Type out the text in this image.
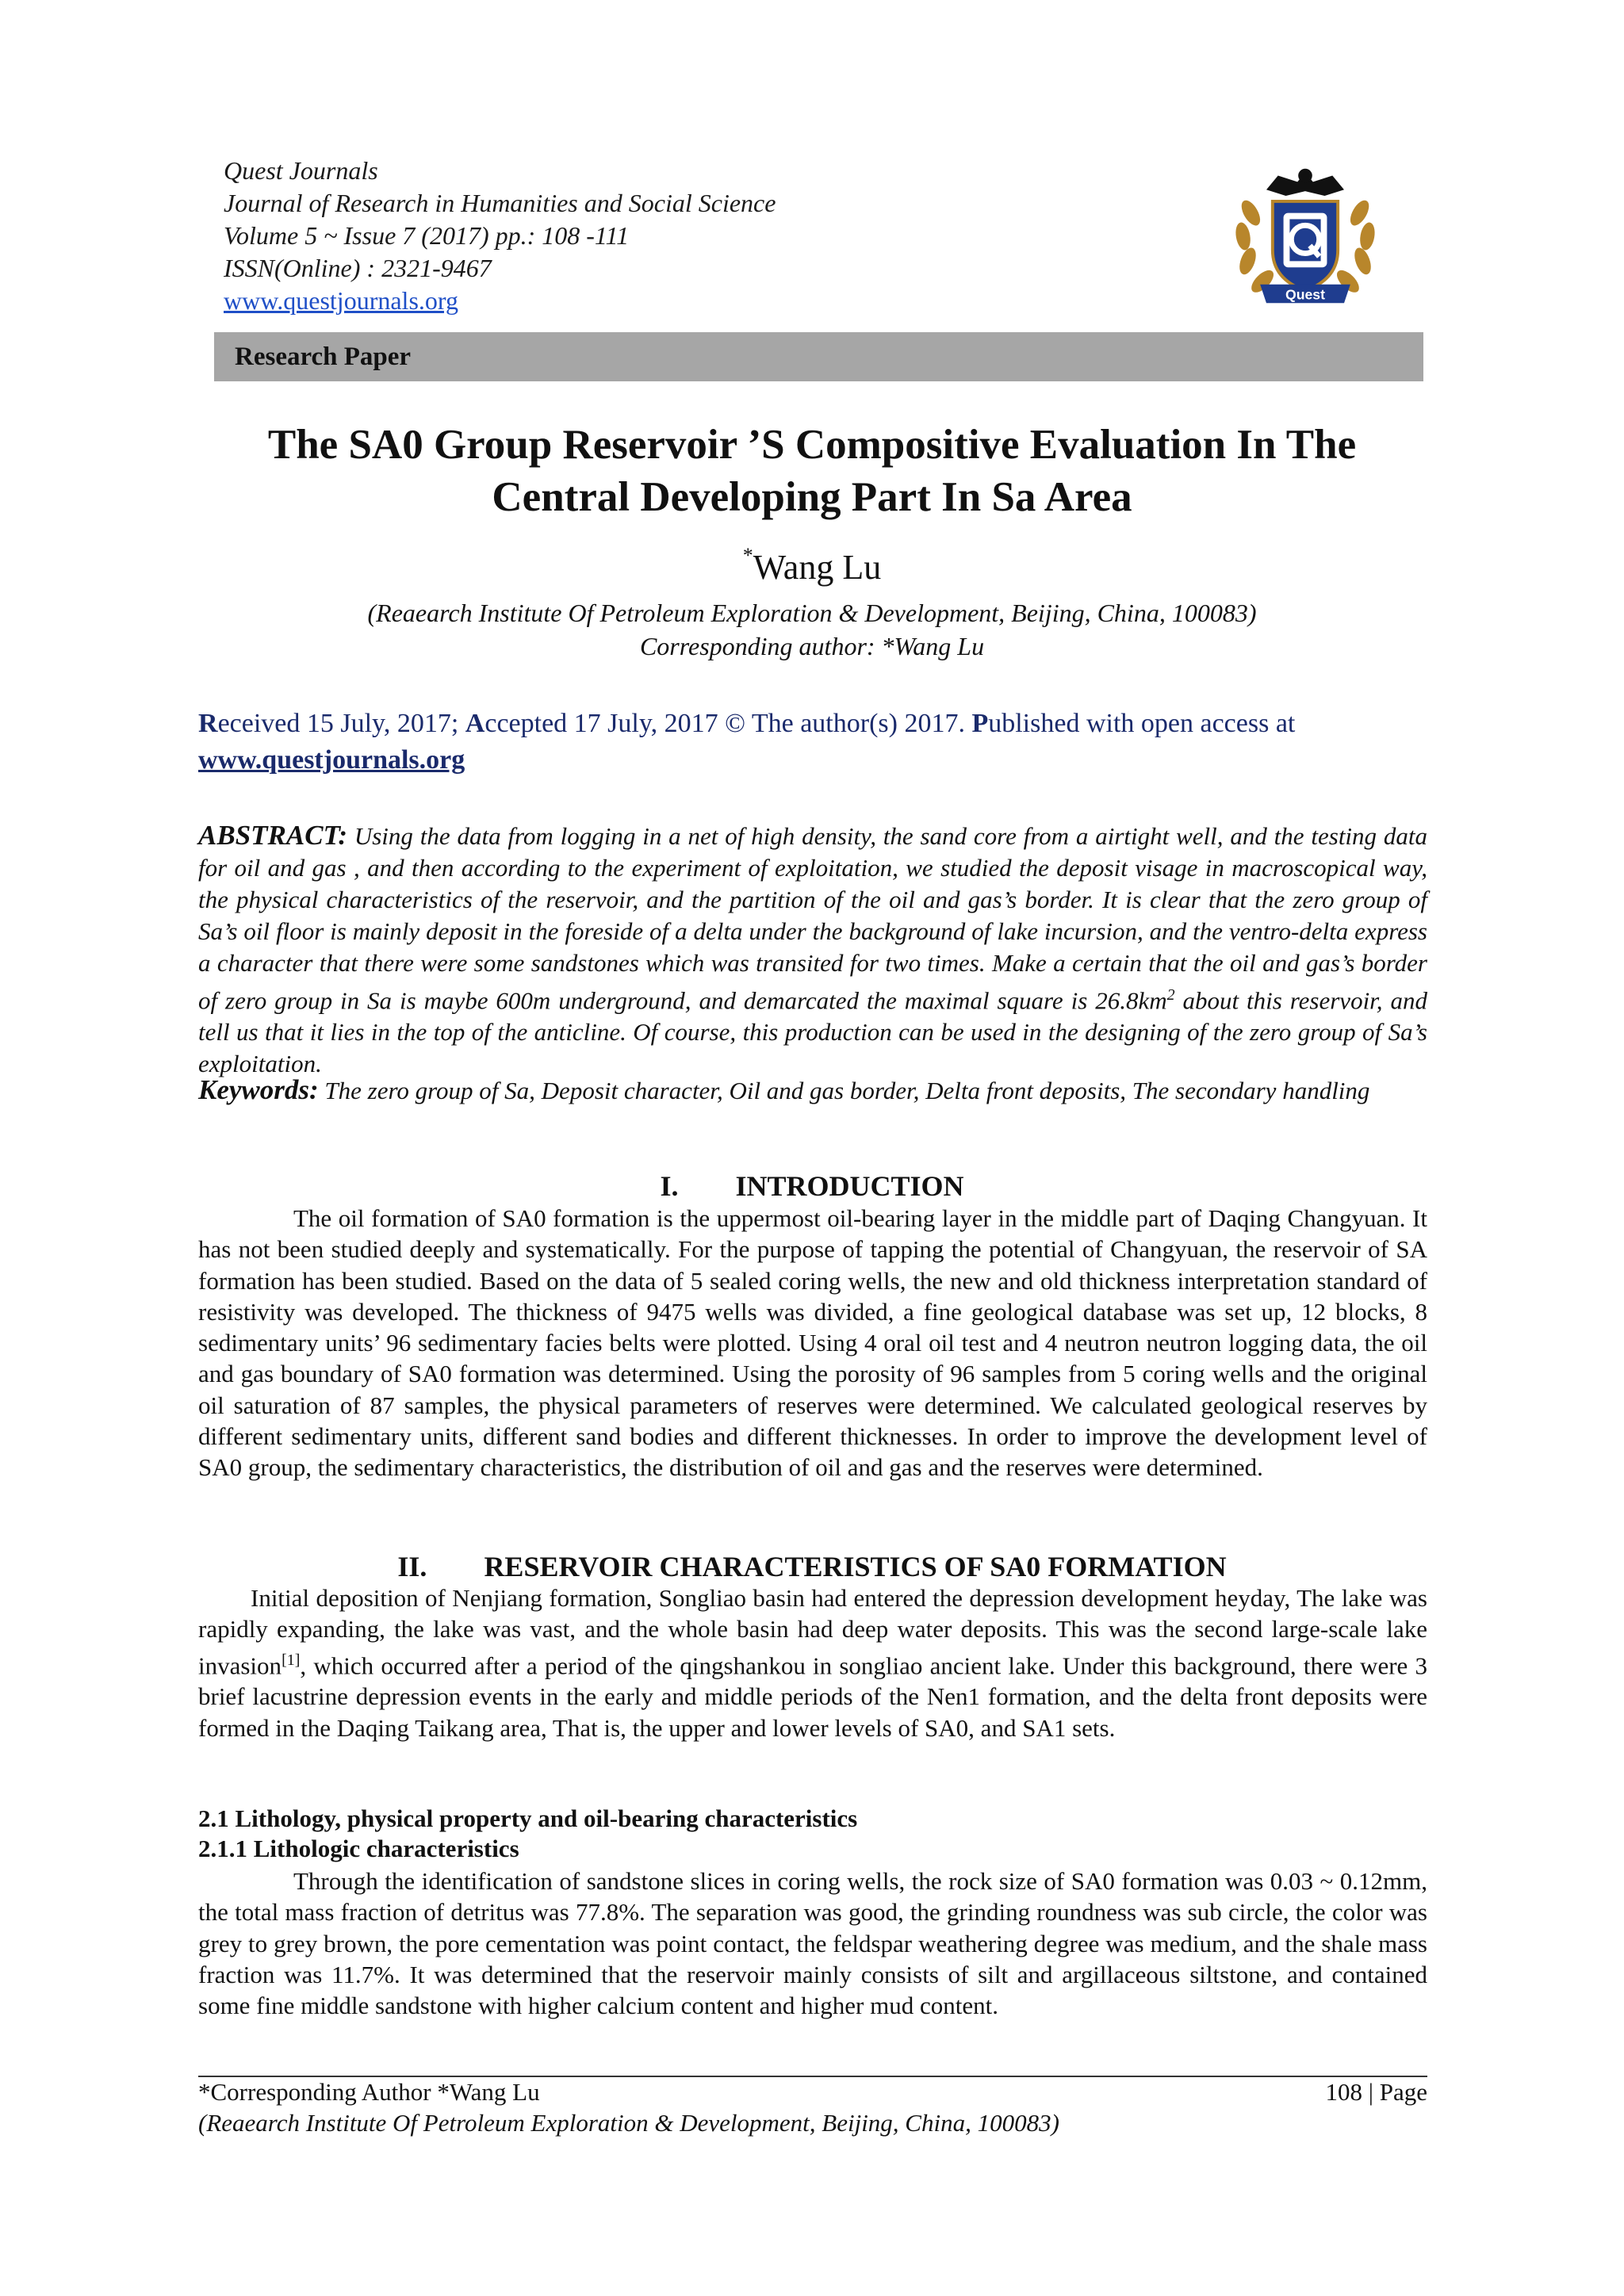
Quest Journals
Journal of Research in Humanities and Social Science
Volume 5 ~ Issue 7 (2017) pp.: 108 -111
ISSN(Online) : 2321-9467
www.questjournals.org	Quest
Research Paper
The SA0 Group Reservoir ’S Compositive Evaluation In The
Central Developing Part In Sa Area
*Wang Lu
(Reaearch Institute Of Petroleum Exploration & Development, Beijing, China, 100083)
Corresponding author: *Wang Lu
Received 15 July, 2017; Accepted 17 July, 2017 © The author(s) 2017. Published with open access at
www.questjournals.org
ABSTRACT: Using the data from logging in a net of high density, the sand core from a airtight well, and the testing data for oil and gas , and then according to the experiment of exploitation, we studied the deposit visage in macroscopical way, the physical characteristics of the reservoir, and the partition of the oil and gas’s border. It is clear that the zero group of Sa’s oil floor is mainly deposit in the foreside of a delta under the background of lake incursion, and the ventro-delta express a character that there were some sandstones which was transited for two times. Make a certain that the oil and gas’s border of zero group in Sa is maybe 600m underground, and demarcated the maximal square is $26.8km^2$ about this reservoir, and tell us that it lies in the top of the anticline. Of course, this production can be used in the designing of the zero group of Sa’s exploitation.
Keywords: The zero group of Sa, Deposit character, Oil and gas border, Delta front deposits, The secondary handling
I. INTRODUCTION
The oil formation of SA0 formation is the uppermost oil-bearing layer in the middle part of Daqing Changyuan. It has not been studied deeply and systematically. For the purpose of tapping the potential of Changyuan, the reservoir of SA formation has been studied. Based on the data of 5 sealed coring wells, the new and old thickness interpretation standard of resistivity was developed. The thickness of 9475 wells was divided, a fine geological database was set up, 12 blocks, 8 sedimentary units’ 96 sedimentary facies belts were plotted. Using 4 oral oil test and 4 neutron neutron logging data, the oil and gas boundary of SA0 formation was determined. Using the porosity of 96 samples from 5 coring wells and the original oil saturation of 87 samples, the physical parameters of reserves were determined. We calculated geological reserves by different sedimentary units, different sand bodies and different thicknesses. In order to improve the development level of SA0 group, the sedimentary characteristics, the distribution of oil and gas and the reserves were determined.
II. RESERVOIR CHARACTERISTICS OF SA0 FORMATION
Initial deposition of Nenjiang formation, Songliao basin had entered the depression development heyday, The lake was rapidly expanding, the lake was vast, and the whole basin had deep water deposits. This was the second large-scale lake invasion[1], which occurred after a period of the qingshankou in songliao ancient lake. Under this background, there were 3 brief lacustrine depression events in the early and middle periods of the Nen1 formation, and the delta front deposits were formed in the Daqing Taikang area, That is, the upper and lower levels of SA0, and SA1 sets.
2.1 Lithology, physical property and oil-bearing characteristics
2.1.1 Lithologic characteristics
Through the identification of sandstone slices in coring wells, the rock size of SA0 formation was 0.03 ~ 0.12mm, the total mass fraction of detritus was 77.8%. The separation was good, the grinding roundness was sub circle, the color was grey to grey brown, the pore cementation was point contact, the feldspar weathering degree was medium, and the shale mass fraction was 11.7%. It was determined that the reservoir mainly consists of silt and argillaceous siltstone, and contained some fine middle sandstone with higher calcium content and higher mud content.
*Corresponding Author *Wang Lu	108 | Page
(Reaearch Institute Of Petroleum Exploration & Development, Beijing, China, 100083)
